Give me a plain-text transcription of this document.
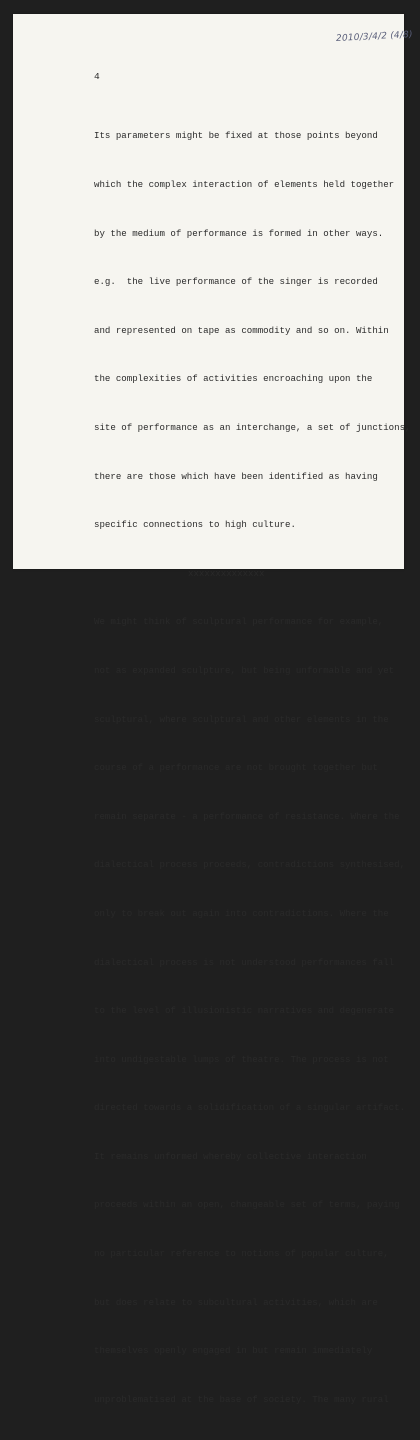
2010/3/4/2 (4/8)
4

Its parameters might be fixed at those points beyond

which the complex interaction of elements held together

by the medium of performance is formed in other ways.

e.g.  the live performance of the singer is recorded

and represented on tape as commodity and so on. Within

the complexities of activities encroaching upon the

site of performance as an interchange, a set of junctions,

there are those which have been identified as having

specific connections to high culture.

xxxxxxxxxxxxxx

We might think of sculptural performance for example,

not as expanded sculpture, but being unformable and yet

sculptural, where sculptural and other elements in the

course of a performance are not brought together but

remain separate - a performance of resistance. Where the

dialectical process proceeds, contradictions synthesised,

only to break out again into contradictions. Where the

dialectical process is not understood performances fall

to the level of illusionistic narratives and degenerate

into undigestable lumps of theatre. The process is not

directed towards a solidification of a singular artifact.

It remains unformed whereby collective interaction

proceeds within an open, changeable set of terms, paying

no particular reference to notions of popular culture,

but does relate to subcultural activities, which are

themselves openly engaged in but remain immediately

unproblematised at the base of society. The many rural
